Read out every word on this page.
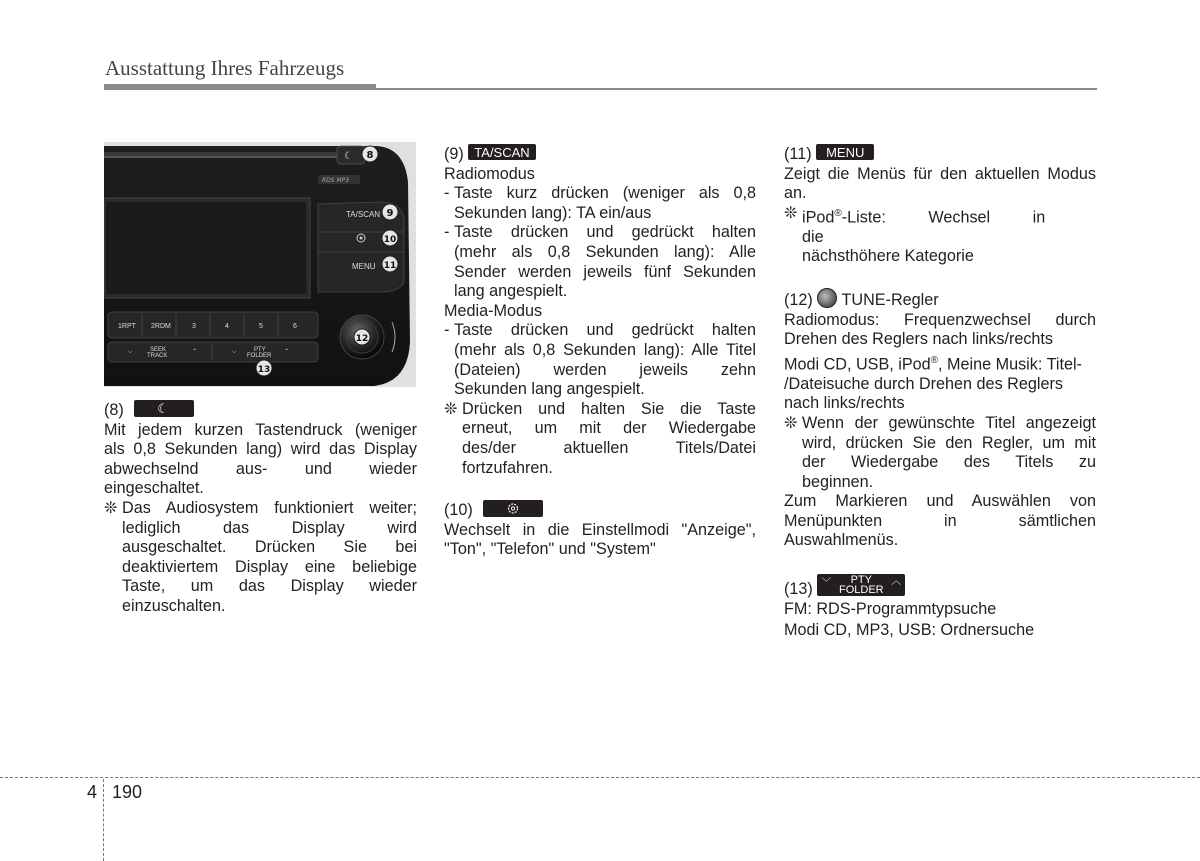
Ausstattung Ihres Fahrzeugs
☾
RDS MP3
TA/SCAN
MENU
1RPT 2RDM	3	4	5	6
⌵	SEEK
TRACK
⌃	⌵	PTY
FOLDER
⌃
8
9
10
11
12
13

(8)	☾

Mit jedem kurzen Tastendruck (weniger

als 0,8 Sekunden lang) wird das Display

abwechselnd aus- und wieder

eingeschaltet.

❊ Das Audiosystem funktioniert weiter;

lediglich das Display wird

ausgeschaltet. Drücken Sie bei

deaktiviertem Display eine beliebige

Taste, um das Display wieder

einzuschalten.

(9) TA/SCAN

Radiomodus

- Taste kurz drücken (weniger als 0,8

Sekunden lang): TA ein/aus

- Taste drücken und gedrückt halten

(mehr als 0,8 Sekunden lang): Alle

Sender werden jeweils fünf Sekunden

lang angespielt.

Media-Modus

- Taste drücken und gedrückt halten

(mehr als 0,8 Sekunden lang): Alle Titel

(Dateien) werden jeweils zehn

Sekunden lang angespielt.

❊ Drücken und halten Sie die Taste

erneut, um mit der Wiedergabe

des/der aktuellen Titels/Datei

fortzufahren.

(10)

Wechselt in die Einstellmodi "Anzeige",

"Ton", "Telefon" und "System"

(11) MENU

Zeigt die Menüs für den aktuellen Modus

an.

❊ iPod®-Liste: Wechsel in die

nächsthöhere Kategorie

(12) TUNE-Regler

Radiomodus: Frequenzwechsel durch

Drehen des Reglers nach links/rechts

Modi CD, USB, iPod®, Meine Musik: Titel-

/Dateisuche durch Drehen des Reglers

nach links/rechts

❊ Wenn der gewünschte Titel angezeigt

wird, drücken Sie den Regler, um mit

der Wiedergabe des Titels zu

beginnen.

Zum Markieren und Auswählen von

Menüpunkten in sämtlichen

Auswahlmenüs.

(13) ﹀	PTY
FOLDER
︿

FM: RDS-Programmtypsuche

Modi CD, MP3, USB: Ordnersuche

4 190
